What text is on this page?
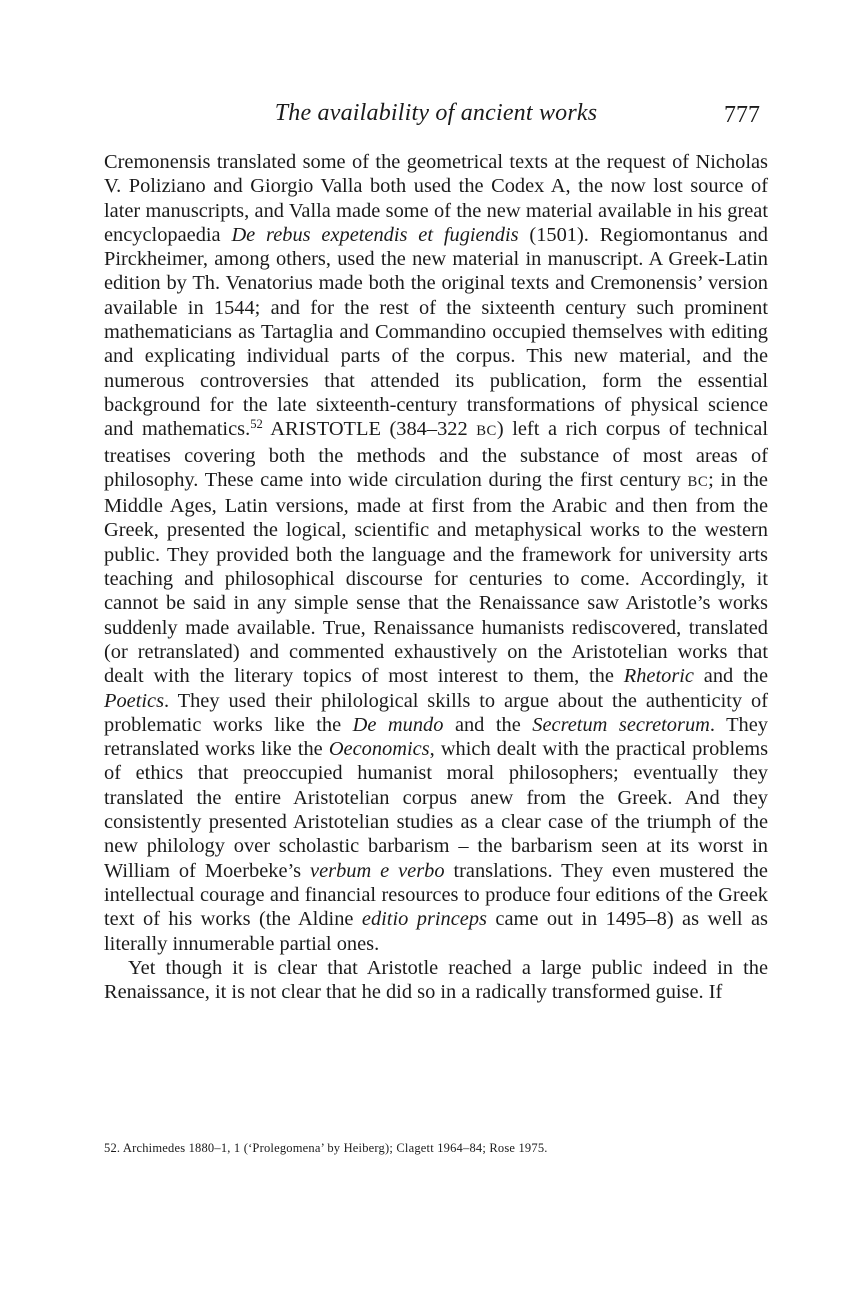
The availability of ancient works	777

Cremonensis translated some of the geometrical texts at the request of Nicholas V. Poliziano and Giorgio Valla both used the Codex A, the now lost source of later manuscripts, and Valla made some of the new material available in his great encyclopaedia De rebus expetendis et fugiendis (1501). Regiomontanus and Pirckheimer, among others, used the new material in manuscript. A Greek-Latin edition by Th. Venatorius made both the original texts and Cremonensis’ version available in 1544; and for the rest of the sixteenth century such prominent mathematicians as Tartaglia and Commandino occupied themselves with editing and explicating individual parts of the corpus. This new material, and the numerous controversies that attended its publication, form the essential background for the late sixteenth-century transformations of physical science and mathematics.$^{52}$ ARISTOTLE (384–322 BC) left a rich corpus of technical treatises covering both the methods and the substance of most areas of philosophy. These came into wide circulation during the first century BC; in the Middle Ages, Latin versions, made at first from the Arabic and then from the Greek, presented the logical, scientific and metaphysical works to the western public. They provided both the language and the framework for university arts teaching and philosophical discourse for centuries to come. Accordingly, it cannot be said in any simple sense that the Renaissance saw Aristotle’s works suddenly made available. True, Renaissance humanists rediscovered, translated (or retranslated) and commented exhaustively on the Aristotelian works that dealt with the literary topics of most interest to them, the Rhetoric and the Poetics. They used their philological skills to argue about the authenticity of problematic works like the De mundo and the Secretum secretorum. They retranslated works like the Oeconomics, which dealt with the practical problems of ethics that preoccupied humanist moral philosophers; eventually they translated the entire Aristotelian corpus anew from the Greek. And they consistently presented Aristotelian studies as a clear case of the triumph of the new philology over scholastic barbarism – the barbarism seen at its worst in William of Moerbeke’s verbum e verbo translations. They even mustered the intellectual courage and financial resources to produce four editions of the Greek text of his works (the Aldine editio princeps came out in 1495–8) as well as literally innumerable partial ones.

Yet though it is clear that Aristotle reached a large public indeed in the Renaissance, it is not clear that he did so in a radically transformed guise. If

52. Archimedes 1880–1, 1 (‘Prolegomena’ by Heiberg); Clagett 1964–84; Rose 1975.
